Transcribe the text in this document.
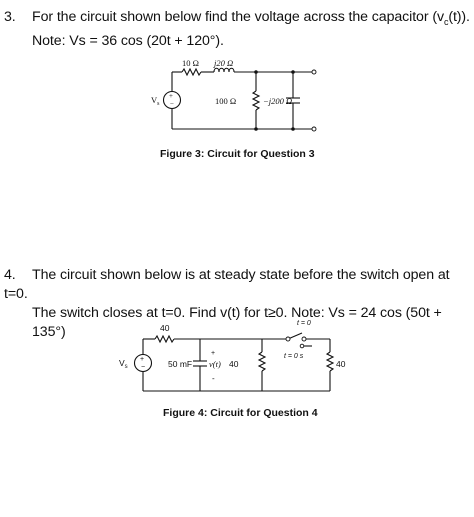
3. For the circuit shown below find the voltage across the capacitor $(v_c(t))$.
Note: Vs = 36 cos (20t + 120°).
+
−
$V_s$
10 Ω j20 Ω
100 Ω	−j200 Ω
Figure 3: Circuit for Question 3
4. The circuit shown below is at steady state before the switch open at t=0.
The switch closes at t=0. Find v(t) for t≥0. Note: Vs = 24 cos (50t + 135°)
+
−
$V_s$
40
50 mF
+
v(t)
-
40
t = 0
t = 0 s
40
Figure 4: Circuit for Question 4
